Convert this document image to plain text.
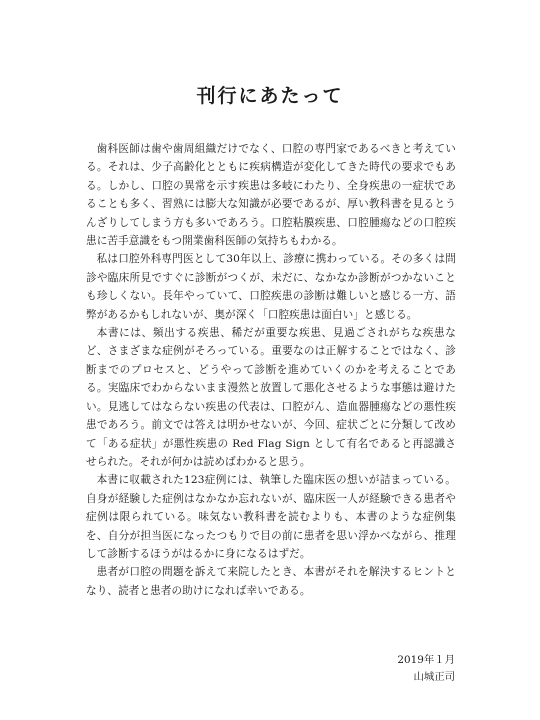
刊行にあたって

歯科医師は歯や歯周組織だけでなく、口腔の専門家であるべきと考えている。それは、少子高齢化とともに疾病構造が変化してきた時代の要求でもある。しかし、口腔の異常を示す疾患は多岐にわたり、全身疾患の一症状であることも多く、習熟には膨大な知識が必要であるが、厚い教科書を見るとうんざりしてしまう方も多いであろう。口腔粘膜疾患、口腔腫瘍などの口腔疾患に苦手意識をもつ開業歯科医師の気持ちもわかる。

私は口腔外科専門医として30年以上、診療に携わっている。その多くは問診や臨床所見ですぐに診断がつくが、未だに、なかなか診断がつかないことも珍しくない。長年やっていて、口腔疾患の診断は難しいと感じる一方、語弊があるかもしれないが、奥が深く「口腔疾患は面白い」と感じる。

本書には、頻出する疾患、稀だが重要な疾患、見過ごされがちな疾患など、さまざまな症例がそろっている。重要なのは正解することではなく、診断までのプロセスと、どうやって診断を進めていくのかを考えることである。実臨床でわからないまま漫然と放置して悪化させるような事態は避けたい。見逃してはならない疾患の代表は、口腔がん、造血器腫瘍などの悪性疾患であろう。前文では答えは明かせないが、今回、症状ごとに分類して改めて「ある症状」が悪性疾患の Red Flag Sign として有名であると再認識させられた。それが何かは読めばわかると思う。

本書に収載された123症例には、執筆した臨床医の想いが詰まっている。自身が経験した症例はなかなか忘れないが、臨床医一人が経験できる患者や症例は限られている。味気ない教科書を読むよりも、本書のような症例集を、自分が担当医になったつもりで目の前に患者を思い浮かべながら、推理して診断するほうがはるかに身になるはずだ。

患者が口腔の問題を訴えて来院したとき、本書がそれを解決するヒントとなり、読者と患者の助けになれば幸いである。

2019年１月
山城正司
